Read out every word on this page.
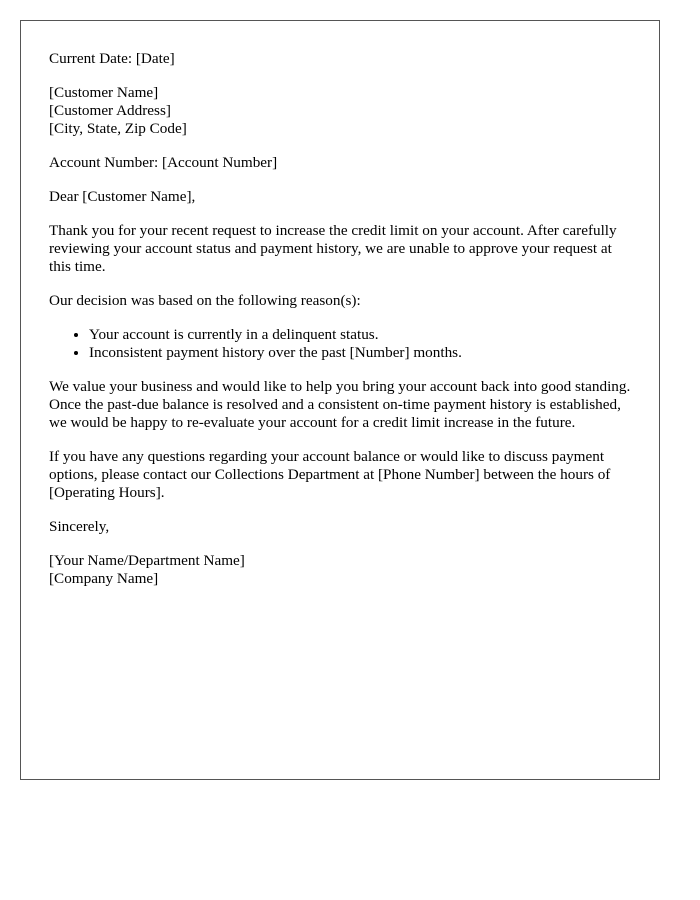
Current Date: [Date]

[Customer Name]
[Customer Address]
[City, State, Zip Code]

Account Number: [Account Number]

Dear [Customer Name],

Thank you for your recent request to increase the credit limit on your account. After carefully reviewing your account status and payment history, we are unable to approve your request at this time.

Our decision was based on the following reason(s):

• Your account is currently in a delinquent status.
• Inconsistent payment history over the past [Number] months.

We value your business and would like to help you bring your account back into good standing. Once the past-due balance is resolved and a consistent on-time payment history is established, we would be happy to re-evaluate your account for a credit limit increase in the future.

If you have any questions regarding your account balance or would like to discuss payment options, please contact our Collections Department at [Phone Number] between the hours of [Operating Hours].

Sincerely,

[Your Name/Department Name]
[Company Name]
